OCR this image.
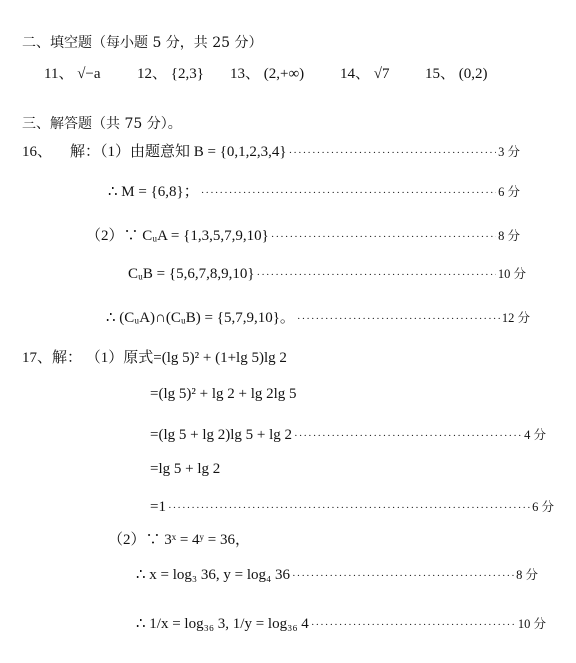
二、填空题（每小题 5 分，共 25 分）
11、 √−a 12、 {2,3} 13、 (2,+∞) 14、 √7 15、 (0,2)
三、解答题（共 75 分）。
16、 解：（1）由题意知 B = {0,1,2,3,4} ·····	3 分
∴ M = {6,8}； ·····	6 分
（2）∵ CᵤA = {1,3,5,7,9,10} ·····	8 分
CᵤB = {5,6,7,8,9,10} ·····	10 分
∴ (CᵤA)∩(CᵤB) = {5,7,9,10}。 ·····	12 分
17、解： （1）原式=(lg 5)² + (1+lg 5)lg 2
=(lg 5)² + lg 2 + lg 2lg 5
=(lg 5 + lg 2)lg 5 + lg 2 ·····	4 分
=lg 5 + lg 2
=1 ·····	6 分
（2）∵ 3ˣ = 4ʸ = 36，
∴ x = log₃ 36, y = log₄ 36 ·····	8 分
∴ 1/x = log₃₆ 3, 1/y = log₃₆ 4 ·····	10 分
